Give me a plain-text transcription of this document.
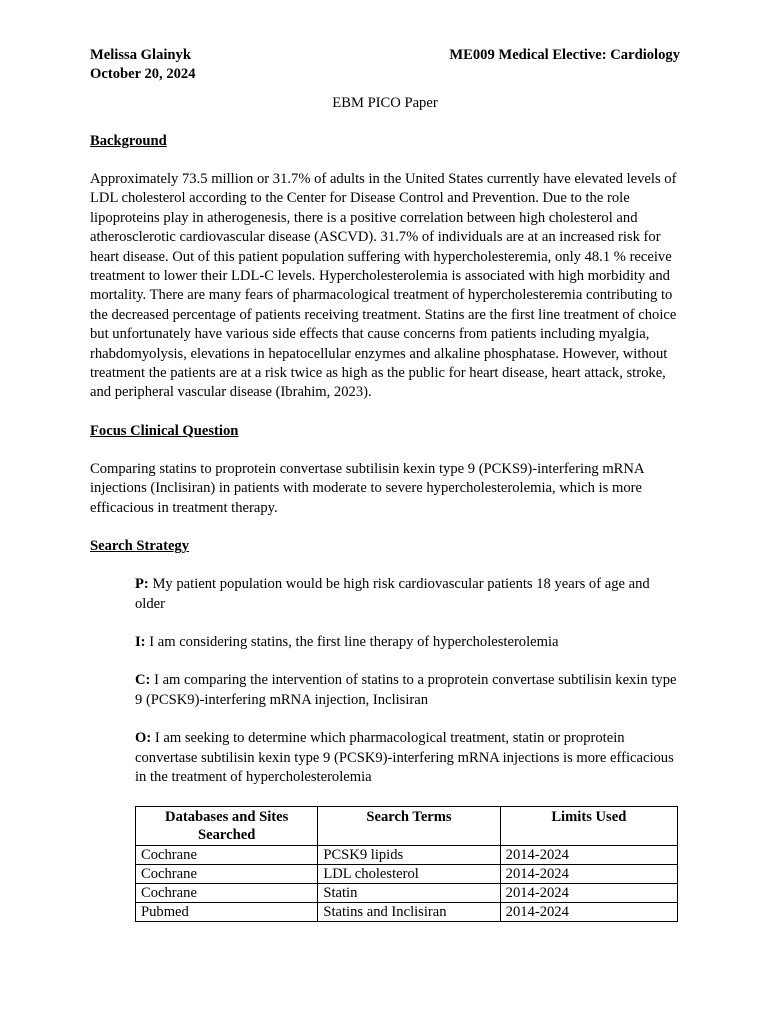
Melissa Glainyk
October 20, 2024
ME009 Medical Elective: Cardiology
EBM PICO Paper
Background
Approximately 73.5 million or 31.7% of adults in the United States currently have elevated levels of LDL cholesterol according to the Center for Disease Control and Prevention. Due to the role lipoproteins play in atherogenesis, there is a positive correlation between high cholesterol and atherosclerotic cardiovascular disease (ASCVD). 31.7% of individuals are at an increased risk for heart disease. Out of this patient population suffering with hypercholesteremia, only 48.1 % receive treatment to lower their LDL-C levels. Hypercholesterolemia is associated with high morbidity and mortality. There are many fears of pharmacological treatment of hypercholesteremia contributing to the decreased percentage of patients receiving treatment. Statins are the first line treatment of choice but unfortunately have various side effects that cause concerns from patients including myalgia, rhabdomyolysis, elevations in hepatocellular enzymes and alkaline phosphatase. However, without treatment the patients are at a risk twice as high as the public for heart disease, heart attack, stroke, and peripheral vascular disease (Ibrahim, 2023).
Focus Clinical Question
Comparing statins to proprotein convertase subtilisin kexin type 9 (PCKS9)-interfering mRNA injections (Inclisiran) in patients with moderate to severe hypercholesterolemia, which is more efficacious in treatment therapy.
Search Strategy
P: My patient population would be high risk cardiovascular patients 18 years of age and older
I: I am considering statins, the first line therapy of hypercholesterolemia
C: I am comparing the intervention of statins to a proprotein convertase subtilisin kexin type 9 (PCSK9)-interfering mRNA injection, Inclisiran
O: I am seeking to determine which pharmacological treatment, statin or proprotein convertase subtilisin kexin type 9 (PCSK9)-interfering mRNA injections is more efficacious in the treatment of hypercholesterolemia
Databases and Sites Searched	Search Terms	Limits Used
Cochrane	PCSK9 lipids	2014-2024
Cochrane	LDL cholesterol	2014-2024
Cochrane	Statin	2014-2024
Pubmed	Statins and Inclisiran	2014-2024
